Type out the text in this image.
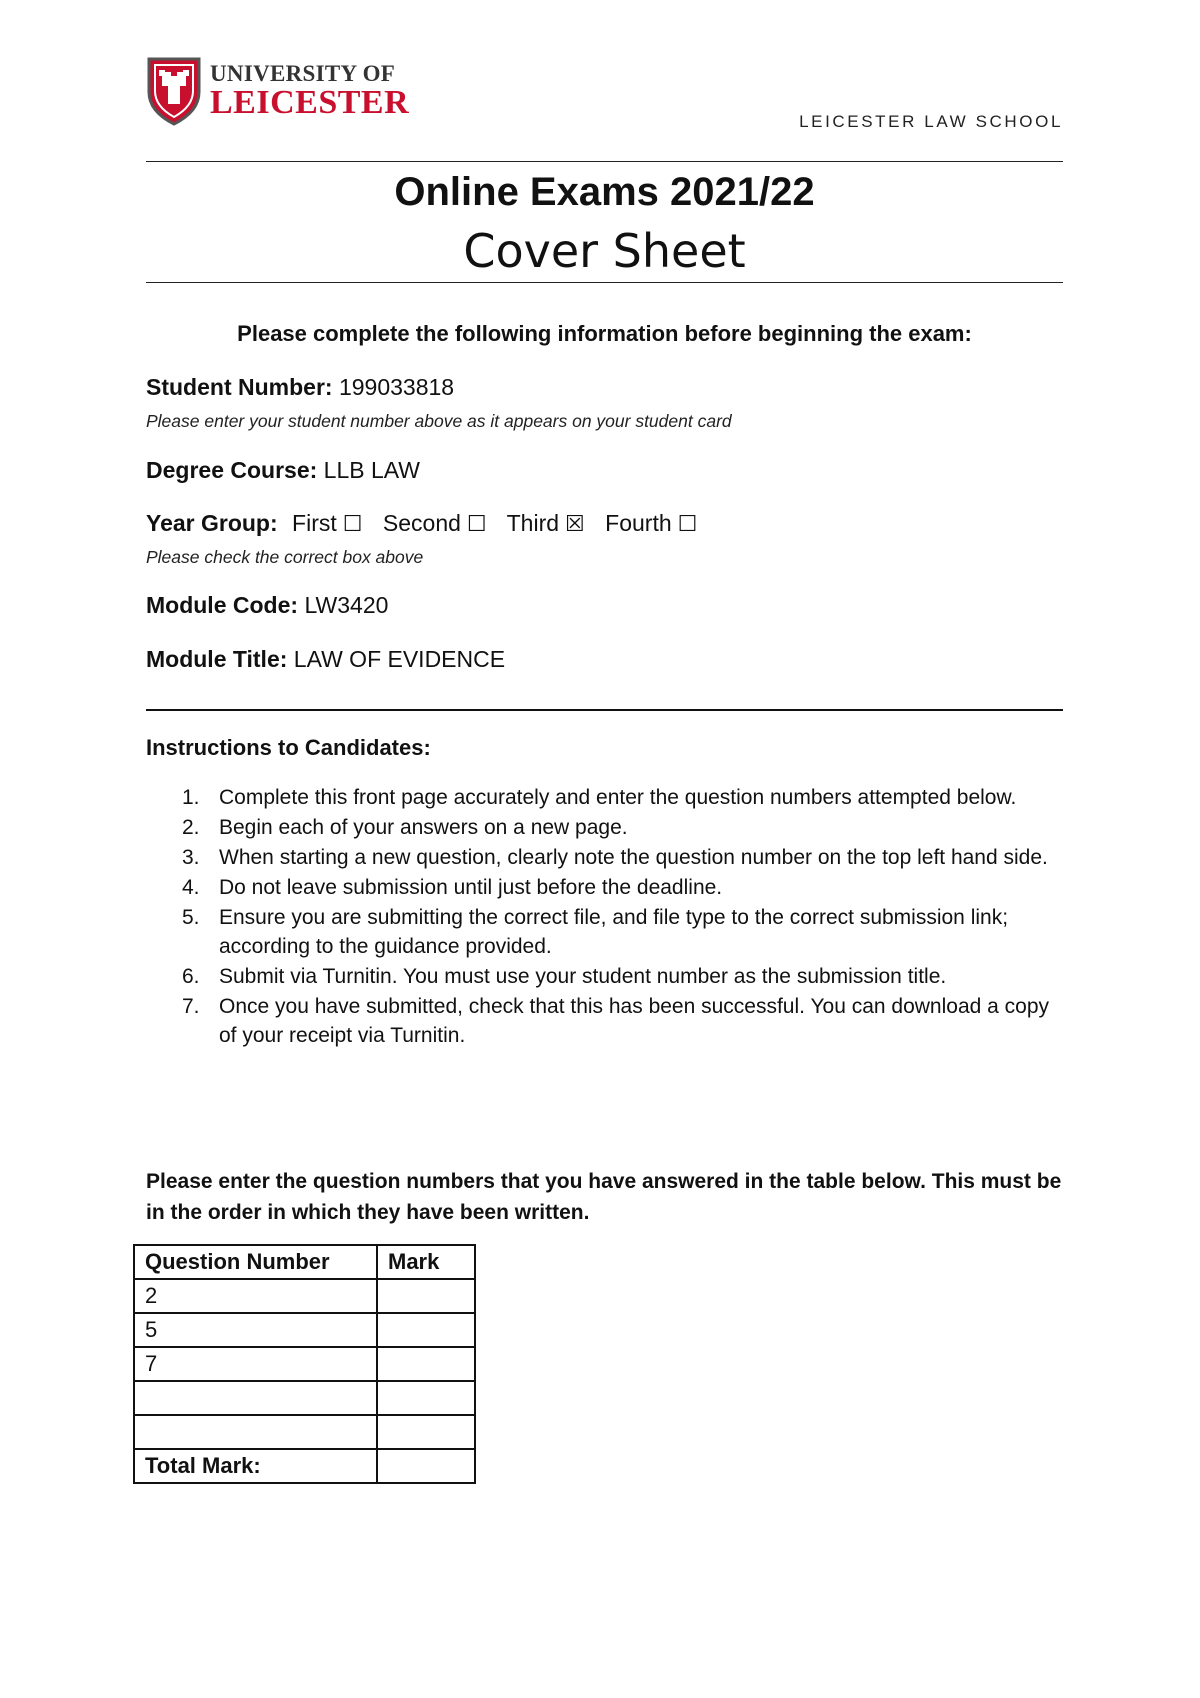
UNIVERSITY OF
LEICESTER
LEICESTER LAW SCHOOL
Online Exams 2021/22
Cover Sheet
Please complete the following information before beginning the exam:
Student Number: 199033818
Please enter your student number above as it appears on your student card
Degree Course: LLB LAW
Year Group: First ☐ Second ☐ Third ☒ Fourth ☐
Please check the correct box above
Module Code: LW3420
Module Title: LAW OF EVIDENCE
Instructions to Candidates:
1. Complete this front page accurately and enter the question numbers attempted below.
2. Begin each of your answers on a new page.
3. When starting a new question, clearly note the question number on the top left hand side.
4. Do not leave submission until just before the deadline.
5. Ensure you are submitting the correct file, and file type to the correct submission link; according to the guidance provided.
6. Submit via Turnitin. You must use your student number as the submission title.
7. Once you have submitted, check that this has been successful. You can download a copy of your receipt via Turnitin.
Please enter the question numbers that you have answered in the table below. This must be in the order in which they have been written.
Question Number	Mark
2	
5	
7	

Total Mark:	
